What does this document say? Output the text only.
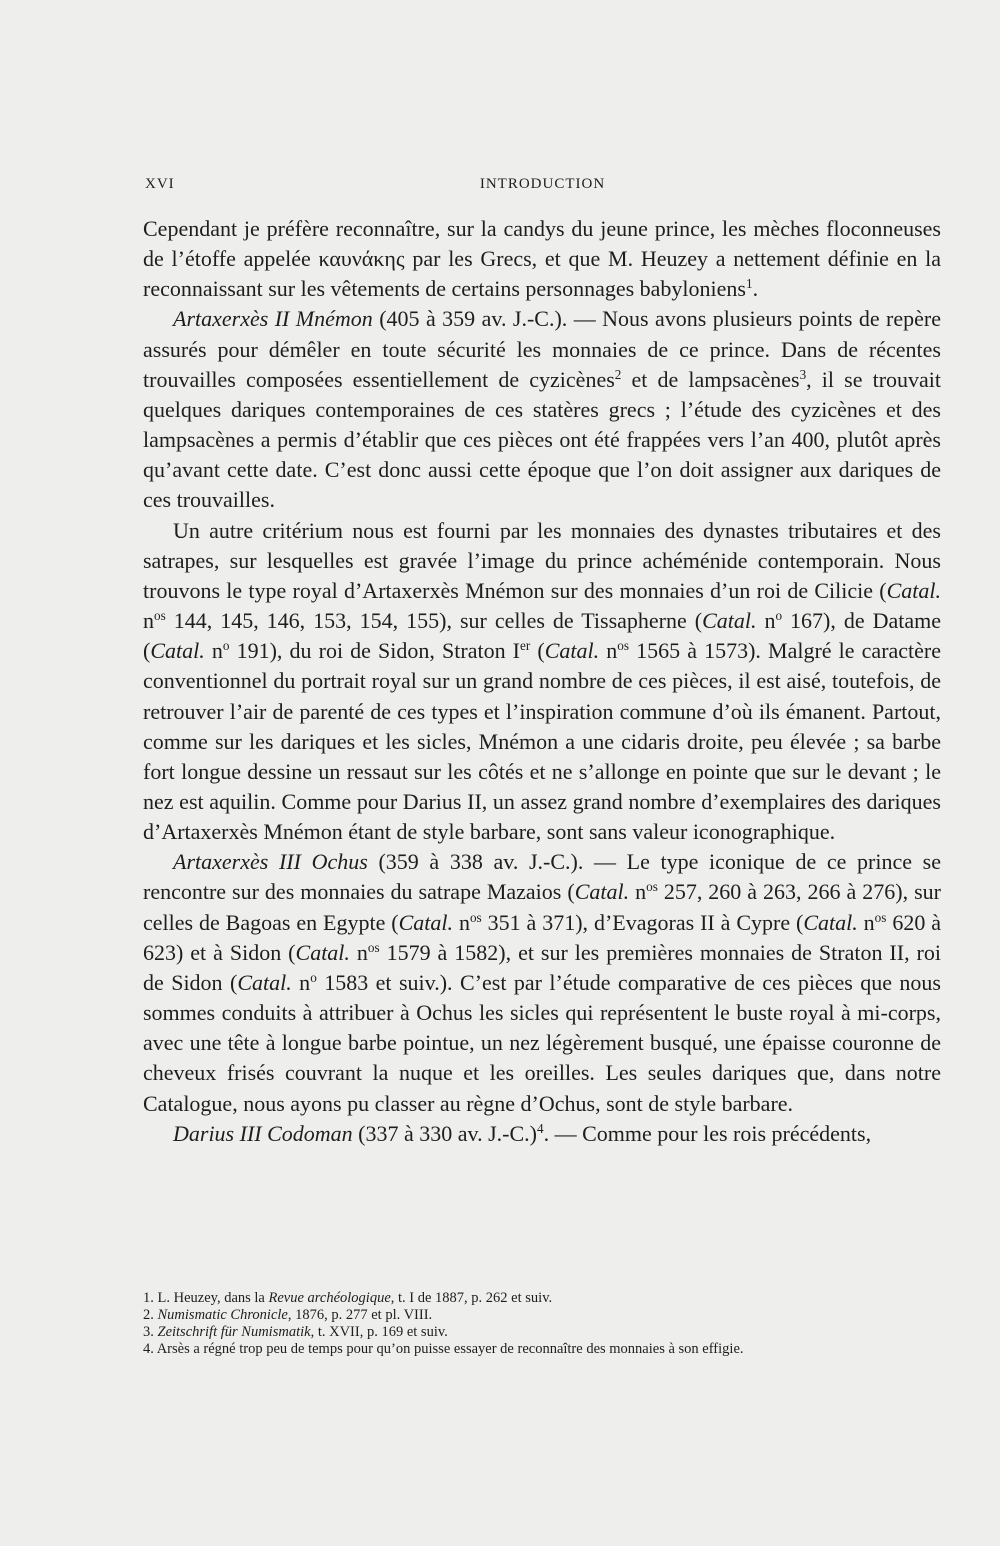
XVI	INTRODUCTION

Cependant je préfère reconnaître, sur la candys du jeune prince, les mèches floconneuses de l’étoffe appelée καυνάκης par les Grecs, et que M. Heuzey a nettement définie en la reconnaissant sur les vêtements de certains personnages babyloniens$^1$.

Artaxerxès II Mnémon (405 à 359 av. J.-C.). — Nous avons plusieurs points de repère assurés pour démêler en toute sécurité les monnaies de ce prince. Dans de récentes trouvailles composées essentiellement de cyzicènes$^2$ et de lampsacènes$^3$, il se trouvait quelques dariques contemporaines de ces statères grecs ; l’étude des cyzicènes et des lampsacènes a permis d’établir que ces pièces ont été frappées vers l’an 400, plutôt après qu’avant cette date. C’est donc aussi cette époque que l’on doit assigner aux dariques de ces trouvailles.

Un autre critérium nous est fourni par les monnaies des dynastes tributaires et des satrapes, sur lesquelles est gravée l’image du prince achéménide contemporain. Nous trouvons le type royal d’Artaxerxès Mnémon sur des monnaies d’un roi de Cilicie (Catal. $n^{os}$ 144, 145, 146, 153, 154, 155), sur celles de Tissapherne (Catal. $n^o$ 167), de Datame (Catal. $n^o$ 191), du roi de Sidon, Straton Ier (Catal. $n^{os}$ 1565 à 1573). Malgré le caractère conventionnel du portrait royal sur un grand nombre de ces pièces, il est aisé, toutefois, de retrouver l’air de parenté de ces types et l’inspiration commune d’où ils émanent. Partout, comme sur les dariques et les sicles, Mnémon a une cidaris droite, peu élevée ; sa barbe fort longue dessine un ressaut sur les côtés et ne s’allonge en pointe que sur le devant ; le nez est aquilin. Comme pour Darius II, un assez grand nombre d’exemplaires des dariques d’Artaxerxès Mnémon étant de style barbare, sont sans valeur iconographique.

Artaxerxès III Ochus (359 à 338 av. J.-C.). — Le type iconique de ce prince se rencontre sur des monnaies du satrape Mazaios (Catal. $n^{os}$ 257, 260 à 263, 266 à 276), sur celles de Bagoas en Egypte (Catal. $n^{os}$ 351 à 371), d’Evagoras II à Cypre (Catal. $n^{os}$ 620 à 623) et à Sidon (Catal. $n^{os}$ 1579 à 1582), et sur les premières monnaies de Straton II, roi de Sidon (Catal. $n^o$ 1583 et suiv.). C’est par l’étude comparative de ces pièces que nous sommes conduits à attribuer à Ochus les sicles qui représentent le buste royal à mi-corps, avec une tête à longue barbe pointue, un nez légèrement busqué, une épaisse couronne de cheveux frisés couvrant la nuque et les oreilles. Les seules dariques que, dans notre Catalogue, nous ayons pu classer au règne d’Ochus, sont de style barbare.

Darius III Codoman (337 à 330 av. J.-C.)$^4$. — Comme pour les rois précédents,

1. L. Heuzey, dans la Revue archéologique, t. I de 1887, p. 262 et suiv.

2. Numismatic Chronicle, 1876, p. 277 et pl. VIII.

3. Zeitschrift für Numismatik, t. XVII, p. 169 et suiv.

4. Arsès a régné trop peu de temps pour qu’on puisse essayer de reconnaître des monnaies à son effigie.
